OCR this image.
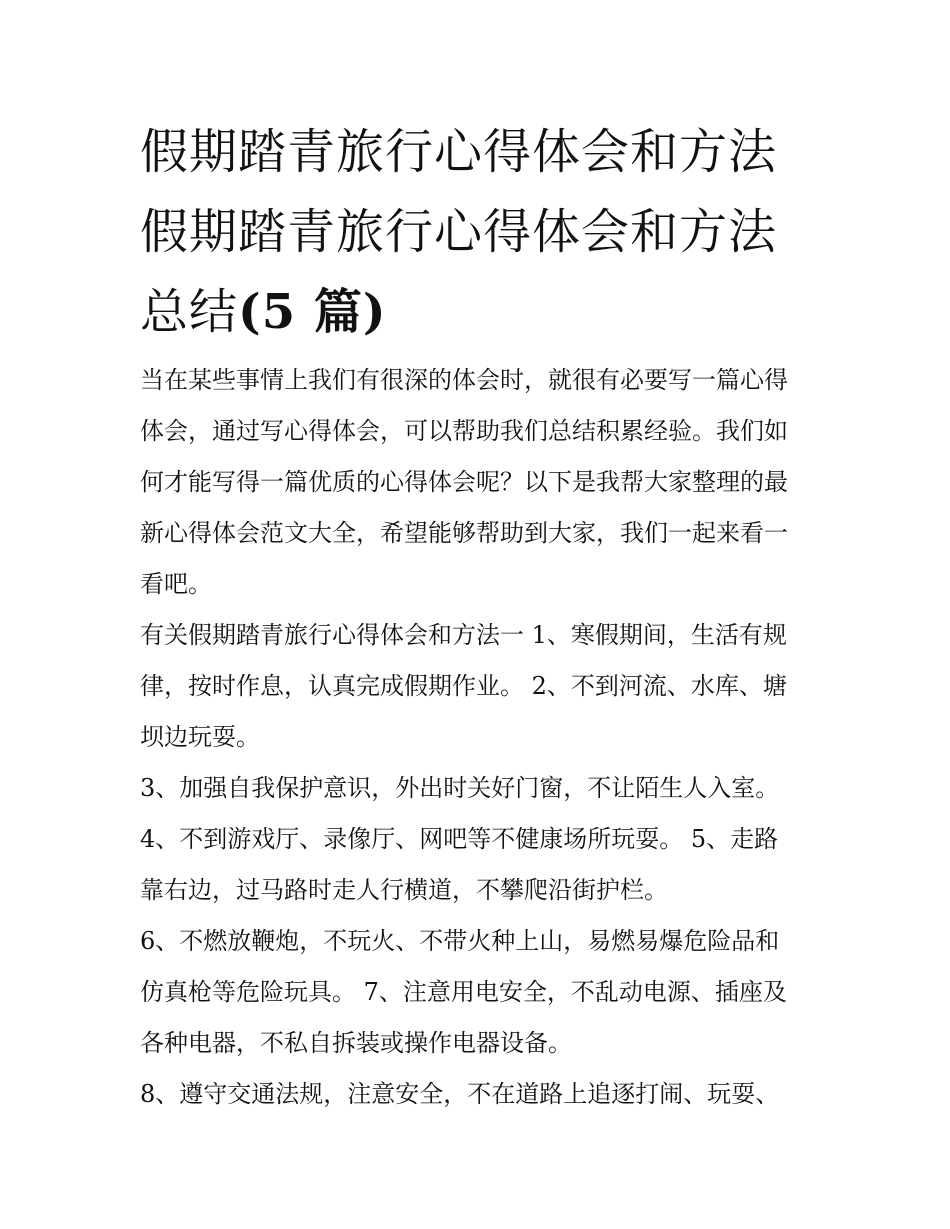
假期踏青旅行心得体会和方法
假期踏青旅行心得体会和方法
总结(5 篇)

当在某些事情上我们有很深的体会时，就很有必要写一篇心得
体会，通过写心得体会，可以帮助我们总结积累经验。我们如
何才能写得一篇优质的心得体会呢？以下是我帮大家整理的最
新心得体会范文大全，希望能够帮助到大家，我们一起来看一
看吧。

有关假期踏青旅行心得体会和方法一 1、寒假期间，生活有规
律，按时作息，认真完成假期作业。 2、不到河流、水库、塘
坝边玩耍。

3、加强自我保护意识，外出时关好门窗，不让陌生人入室。

4、不到游戏厅、录像厅、网吧等不健康场所玩耍。 5、走路
靠右边，过马路时走人行横道，不攀爬沿街护栏。

6、不燃放鞭炮，不玩火、不带火种上山，易燃易爆危险品和
仿真枪等危险玩具。 7、注意用电安全，不乱动电源、插座及
各种电器，不私自拆装或操作电器设备。

8、遵守交通法规，注意安全，不在道路上追逐打闹、玩耍、
